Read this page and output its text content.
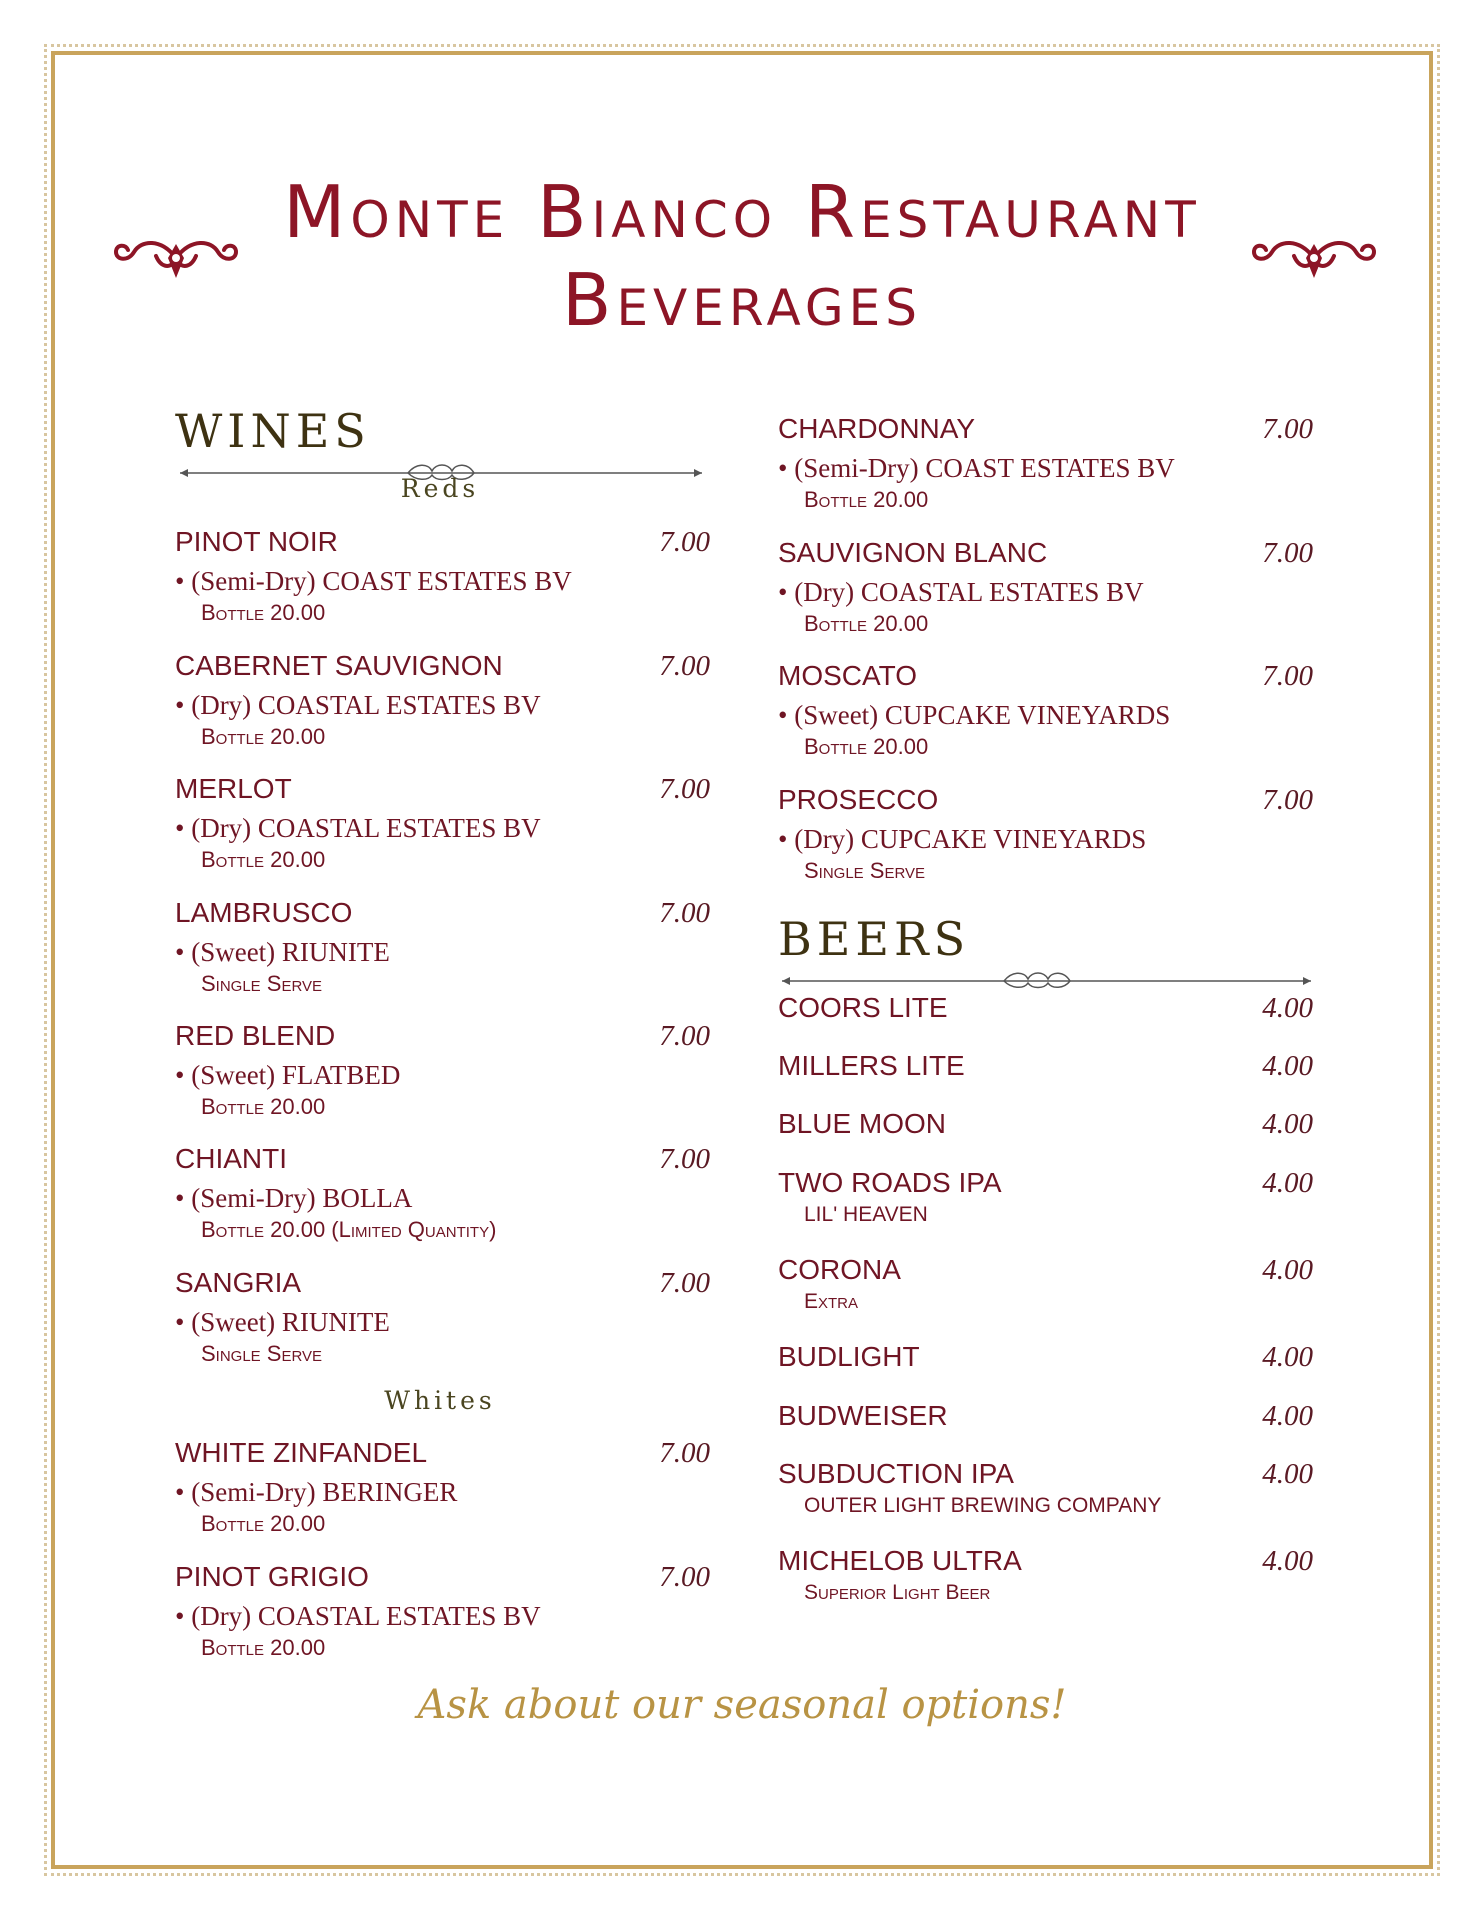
Monte Bianco Restaurant
Beverages
WINES
Reds
PINOT NOIR	7.00
• (Semi-Dry) COAST ESTATES BV
Bottle 20.00
CABERNET SAUVIGNON	7.00
• (Dry) COASTAL ESTATES BV
Bottle 20.00
MERLOT	7.00
• (Dry) COASTAL ESTATES BV
Bottle 20.00
LAMBRUSCO	7.00
• (Sweet) RIUNITE
Single Serve
RED BLEND	7.00
• (Sweet) FLATBED
Bottle 20.00
CHIANTI	7.00
• (Semi-Dry) BOLLA
Bottle 20.00 (Limited Quantity)
SANGRIA	7.00
• (Sweet) RIUNITE
Single Serve
Whites
WHITE ZINFANDEL	7.00
• (Semi-Dry) BERINGER
Bottle 20.00
PINOT GRIGIO	7.00
• (Dry) COASTAL ESTATES BV
Bottle 20.00
CHARDONNAY	7.00
• (Semi-Dry) COAST ESTATES BV
Bottle 20.00
SAUVIGNON BLANC	7.00
• (Dry) COASTAL ESTATES BV
Bottle 20.00
MOSCATO	7.00
• (Sweet) CUPCAKE VINEYARDS
Bottle 20.00
PROSECCO	7.00
• (Dry) CUPCAKE VINEYARDS
Single Serve
BEERS
COORS LITE	4.00
MILLERS LITE	4.00
BLUE MOON	4.00
TWO ROADS IPA	4.00
LIL' HEAVEN
CORONA	4.00
Extra
BUDLIGHT	4.00
BUDWEISER	4.00
SUBDUCTION IPA	4.00
OUTER LIGHT BREWING COMPANY
MICHELOB ULTRA	4.00
Superior Light Beer
Ask about our seasonal options!
